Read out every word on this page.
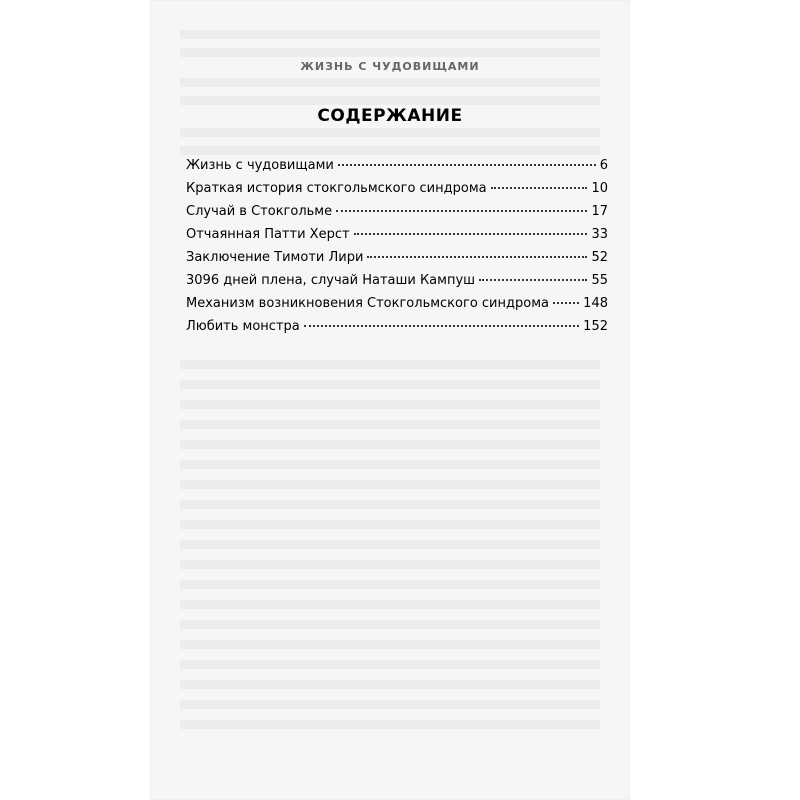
ЖИЗНЬ С ЧУДОВИЩАМИ
СОДЕРЖАНИЕ
Жизнь с чудовищами	6
Краткая история стокгольмского синдрома	10
Случай в Стокгольме	17
Отчаянная Патти Херст	33
Заключение Тимоти Лири	52
3096 дней плена, случай Наташи Кампуш	55
Механизм возникновения Стокгольмского синдрома	148
Любить монстра	152
